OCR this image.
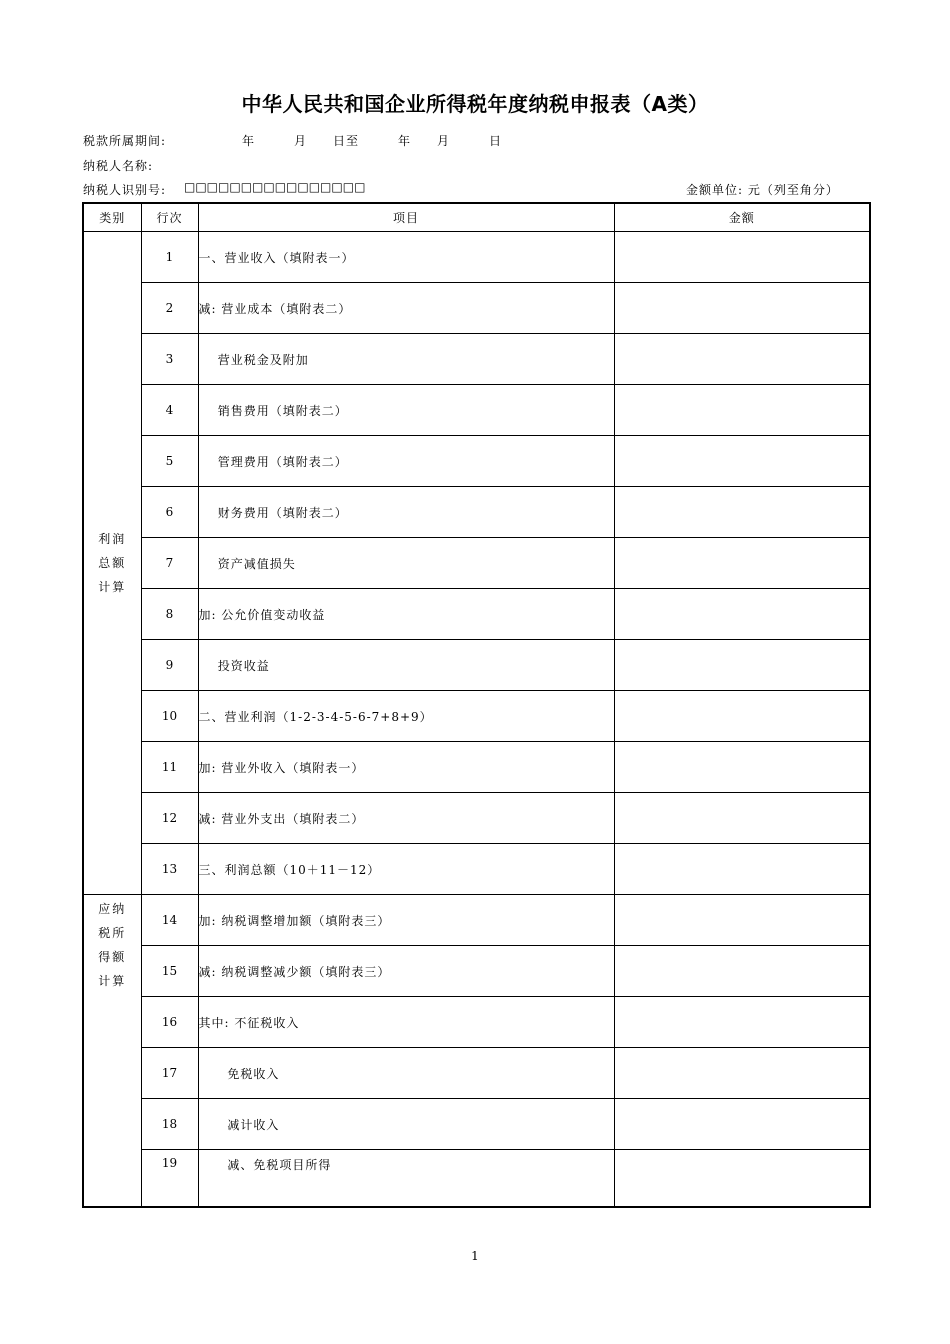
中华人民共和国企业所得税年度纳税申报表（A类）
税款所属期间:	年　　　月　　日至　　　年　　月　　　日
纳税人名称:
纳税人识别号: □□□□□□□□□□□□□□□□	金额单位: 元（列至角分）
类别	行次	项目	金额

利润
总额
计算	1	一、营业收入（填附表一）	
	2	减: 营业成本（填附表二）	
	3	营业税金及附加	
	4	销售费用（填附表二）	
	5	管理费用（填附表二）	
	6	财务费用（填附表二）	
	7	资产减值损失	
	8	加: 公允价值变动收益	
	9	投资收益	
	10	二、营业利润（1-2-3-4-5-6-7+8+9）	
	11	加: 营业外收入（填附表一）	
	12	减: 营业外支出（填附表二）	
	13	三、利润总额（10＋11－12）	

应纳
税所
得额
计算	14	加: 纳税调整增加额（填附表三）	
	15	减: 纳税调整减少额（填附表三）	
	16	其中: 不征税收入	
	17	免税收入	
	18	减计收入	
	19	减、免税项目所得	
1
